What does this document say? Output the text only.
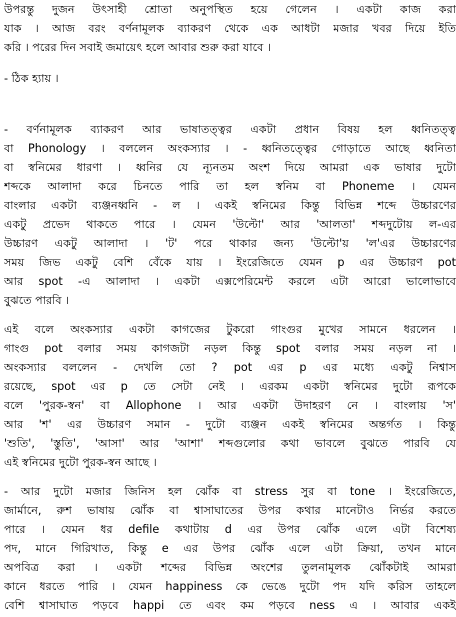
উপরন্তু দুজন উৎসাহী শ্রোতা অনুপস্থিত হয়ে গেলেন । একটা কাজ করা
যাক । আজ বরং বর্ণনামূলক ব্যাকরণ থেকে এক আধটা মজার খবর দিয়ে ইতি
করি । পরের দিন সবাই জমায়েৎ হলে আবার শুরু করা যাবে ।
- ঠিক হ্যায় ।
- বর্ণনামূলক ব্যাকরণ আর ভাষাতত্ত্বর একটা প্রধান বিষয় হল ধ্বনিতত্ত্ব
বা Phonology । বললেন অংকস্যার । - ধ্বনিতত্ত্বের গোড়াতে আছে ধ্বনিতা
বা স্বনিমের ধারণা । ধ্বনির যে ন্যূনতম অংশ দিয়ে আমরা এক ভাষার দুটো
শব্দকে আলাদা করে চিনতে পারি তা হল স্বনিম বা Phoneme । যেমন
বাংলার একটা ব্যঞ্জনধ্বনি - ল । একই স্বনিমের কিন্তু বিভিন্ন শব্দে উচ্চারণের
একটু প্রভেদ থাকতে পারে । যেমন 'উল্টো' আর 'আলতা' শব্দদুটোয় ল-এর
উচ্চারণ একটু আলাদা । 'ট' পরে থাকার জন্য 'উল্টো'য় 'ল'এর উচ্চারণের
সময় জিভ একটু বেশি বেঁকে যায় । ইংরেজিতে যেমন p এর উচ্চারণ pot
আর spot -এ আলাদা । একটা এক্সপেরিমেন্ট করলে এটা আরো ভালোভাবে
বুঝতে পারবি ।
এই বলে অংকস্যার একটা কাগজের টুকরো গাংগুর মুখের সামনে ধরলেন ।
গাংগু pot বলার সময় কাগজটা নড়ল কিন্তু spot বলার সময় নড়ল না ।
অংকস্যার বললেন - দেখলি তো ? pot এর p এর মধ্যে একটু নিশ্বাস
রয়েছে, spot এর p তে সেটা নেই । এরকম একটা স্বনিমের দুটো রূপকে
বলে 'পুরক-স্বন' বা Allophone । আর একটা উদাহরণ নে । বাংলায় 'স'
আর 'শ' এর উচ্চারণ সমান - দুটো ব্যঞ্জন একই স্বনিমের অন্তর্গত । কিন্তু
'শুতি', 'স্তুতি', 'আসা' আর 'আশা' শব্দগুলোর কথা ভাবলে বুঝতে পারবি যে
এই স্বনিমের দুটো পুরক-স্বন আছে ।
- আর দুটো মজার জিনিস হল ঝোঁক বা stress সুর বা tone । ইংরেজিতে,
জার্মানে, রুশ ভাষায় ঝোঁক বা শ্বাসাঘাতের উপর কথার মানেটাও নির্ভর করতে
পারে । যেমন ধর defile কথাটায় d এর উপর ঝোঁক এলে এটা বিশেষ্য
পদ, মানে গিরিখাত, কিন্তু e এর উপর ঝোঁক এলে এটা ক্রিয়া, তখন মানে
অপবিত্র করা । একটা শব্দের বিভিন্ন অংশের তুলনামূলক ঝোঁকটাই আমরা
কানে ধরতে পারি । যেমন happiness কে ভেঙে দুটো পদ যদি করিস তাহলে
বেশি শ্বাসাঘাত পড়বে happi তে এবং কম পড়বে ness এ । আবার একই
